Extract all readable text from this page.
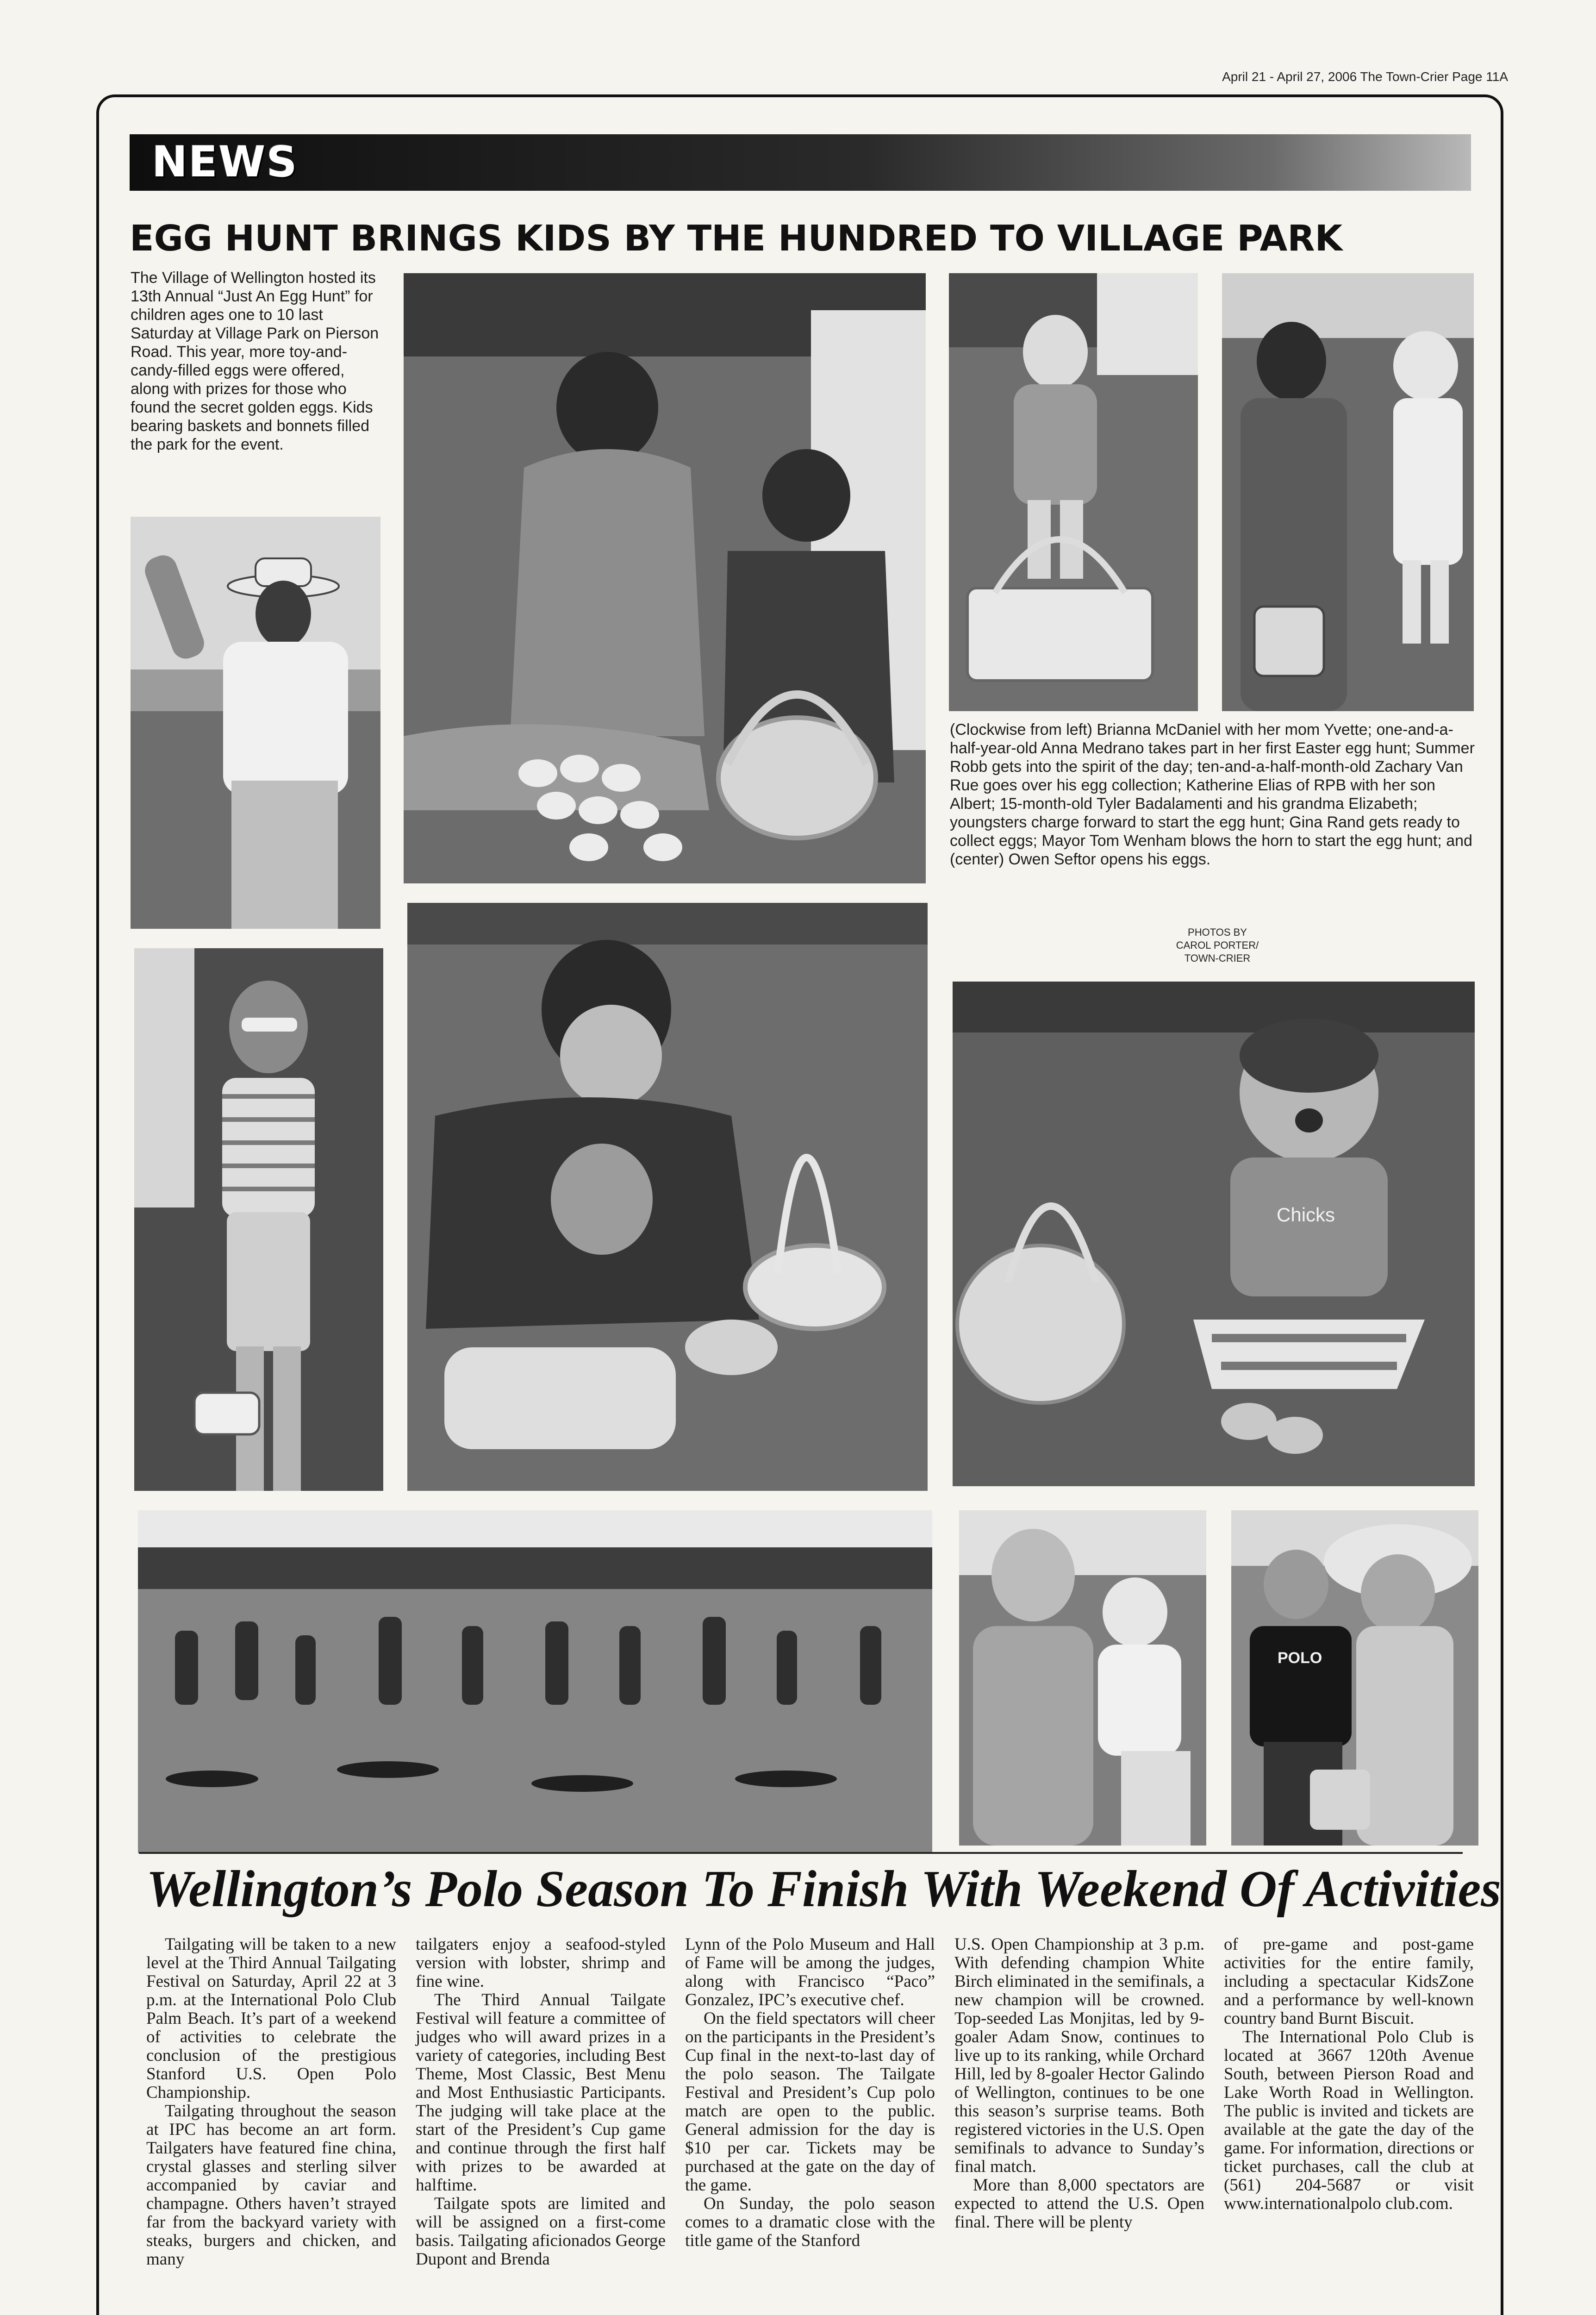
April 21 - April 27, 2006 The Town-Crier Page 11A
NEWS
EGG HUNT BRINGS KIDS BY THE HUNDRED TO VILLAGE PARK
The Village of Wellington hosted its 13th Annual “Just An Egg Hunt” for children ages one to 10 last Saturday at Village Park on Pierson Road. This year, more toy-and-candy-filled eggs were offered, along with prizes for those who found the secret golden eggs. Kids bearing baskets and bonnets filled the park for the event.
Chicks
POLO
(Clockwise from left) Brianna McDaniel with her mom Yvette; one-and-a-half-year-old Anna Medrano takes part in her first Easter egg hunt; Summer Robb gets into the spirit of the day; ten-and-a-half-month-old Zachary Van Rue goes over his egg collection; Katherine Elias of RPB with her son Albert; 15-month-old Tyler Badalamenti and his grandma Elizabeth; youngsters charge forward to start the egg hunt; Gina Rand gets ready to collect eggs; Mayor Tom Wenham blows the horn to start the egg hunt; and (center) Owen Seftor opens his eggs.
PHOTOS BY
CAROL PORTER/
TOWN-CRIER
Wellington’s Polo Season To Finish With Weekend Of Activities

Tailgating will be taken to a new level at the Third Annual Tailgating Festival on Saturday, April 22 at 3 p.m. at the International Polo Club Palm Beach. It’s part of a weekend of activities to celebrate the conclusion of the prestigious Stanford U.S. Open Polo Championship.

Tailgating throughout the season at IPC has become an art form. Tailgaters have featured fine china, crystal glasses and sterling silver accompanied by caviar and champagne. Others haven’t strayed far from the backyard variety with steaks, burgers and chicken, and many

tailgaters enjoy a seafood-styled version with lobster, shrimp and fine wine.

The Third Annual Tailgate Festival will feature a committee of judges who will award prizes in a variety of categories, including Best Theme, Most Classic, Best Menu and Most Enthusiastic Participants. The judging will take place at the start of the President’s Cup game and continue through the first half with prizes to be awarded at halftime.

Tailgate spots are limited and will be assigned on a first-come basis. Tailgating aficionados George Dupont and Brenda

Lynn of the Polo Museum and Hall of Fame will be among the judges, along with Francisco “Paco” Gonzalez, IPC’s executive chef.

On the field spectators will cheer on the participants in the President’s Cup final in the next-to-last day of the polo season. The Tailgate Festival and President’s Cup polo match are open to the public. General admission for the day is $10 per car. Tickets may be purchased at the gate on the day of the game.

On Sunday, the polo season comes to a dramatic close with the title game of the Stanford

U.S. Open Championship at 3 p.m. With defending champion White Birch eliminated in the semifinals, a new champion will be crowned. Top-seeded Las Monjitas, led by 9-goaler Adam Snow, continues to live up to its ranking, while Orchard Hill, led by 8-goaler Hector Galindo of Wellington, continues to be one this season’s surprise teams. Both registered victories in the U.S. Open semifinals to advance to Sunday’s final match.

More than 8,000 spectators are expected to attend the U.S. Open final. There will be plenty

of pre-game and post-game activities for the entire family, including a spectacular KidsZone and a performance by well-known country band Burnt Biscuit.

The International Polo Club is located at 3667 120th Avenue South, between Pierson Road and Lake Worth Road in Wellington. The public is invited and tickets are available at the gate the day of the game. For information, directions or ticket purchases, call the club at (561) 204-5687 or visit www.internationalpolo club.com.
